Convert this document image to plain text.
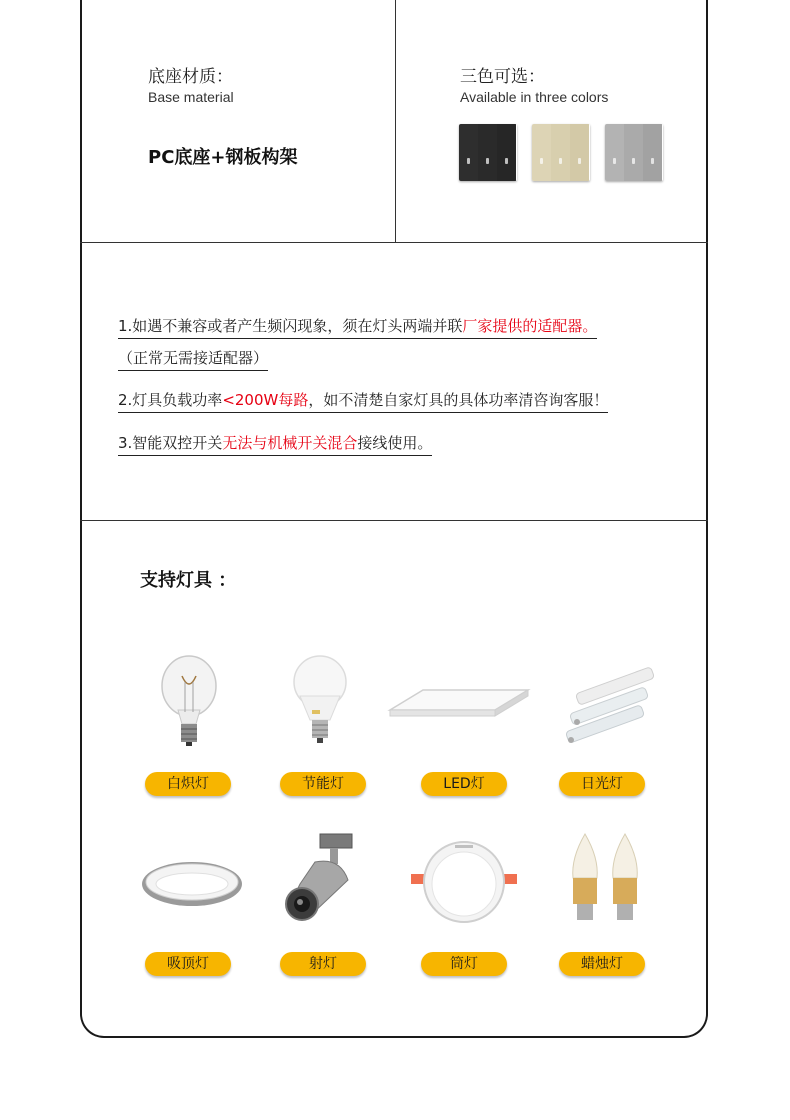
底座材质：
Base material
PC底座+钢板构架
三色可选：
Available in three colors
1.如遇不兼容或者产生频闪现象，须在灯头两端并联厂家提供的适配器。
（正常无需接适配器）
2.灯具负载功率<200W每路，如不清楚自家灯具的具体功率清咨询客服！
3.智能双控开关无法与机械开关混合接线使用。
支持灯具 ：
白炽灯	节能灯	LED灯	日光灯
吸顶灯	射灯	筒灯	蜡烛灯
